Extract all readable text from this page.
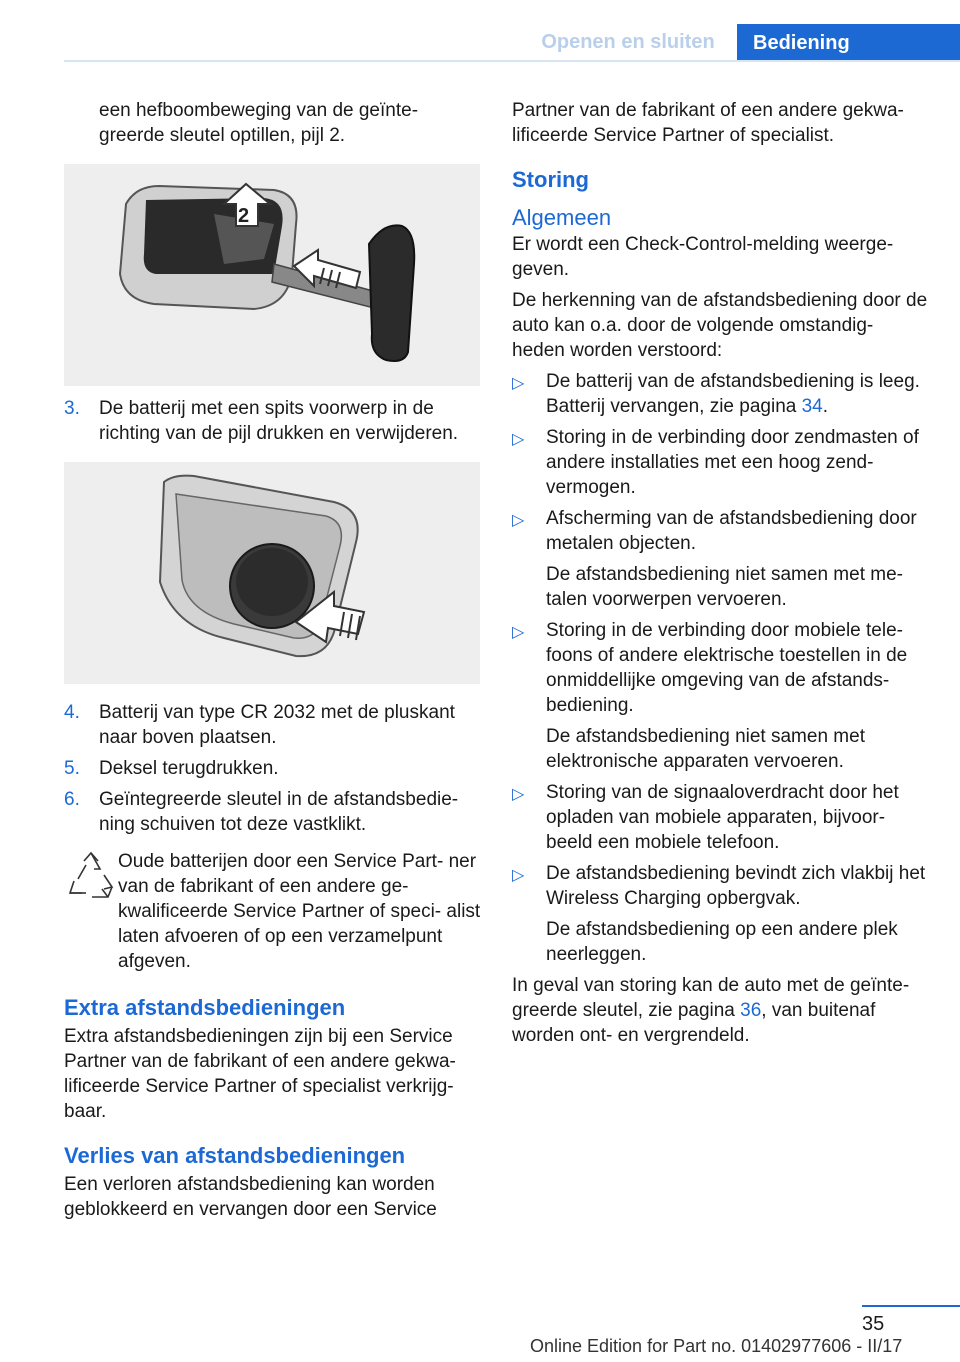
Openen en sluiten	Bediening

een hefboombeweging van de geïnte- greerde sleutel optillen, pijl 2.

2
3.	De batterij met een spits voorwerp in de richting van de pijl drukken en verwijderen.
4.	Batterij van type CR 2032 met de pluskant naar boven plaatsen.
5.	Deksel terugdrukken.
6.	Geïntegreerde sleutel in de afstandsbedie- ning schuiven tot deze vastklikt.

Oude batterijen door een Service Part- ner van de fabrikant of een andere ge- kwalificeerde Service Partner of speci- alist laten afvoeren of op een verzamelpunt afgeven.

Extra afstandsbedieningen

Extra afstandsbedieningen zijn bij een Service Partner van de fabrikant of een andere gekwa- lificeerde Service Partner of specialist verkrijg- baar.

Verlies van afstandsbedieningen

Een verloren afstandsbediening kan worden geblokkeerd en vervangen door een Service

Partner van de fabrikant of een andere gekwa- lificeerde Service Partner of specialist.

Storing
Algemeen

Er wordt een Check-Control-melding weerge- geven.

De herkenning van de afstandsbediening door de auto kan o.a. door de volgende omstandig- heden worden verstoord:

▷	De batterij van de afstandsbediening is leeg. Batterij vervangen, zie pagina 34.
▷	Storing in de verbinding door zendmasten of andere installaties met een hoog zend- vermogen.
▷	Afscherming van de afstandsbediening door metalen objecten.

De afstandsbediening niet samen met me- talen voorwerpen vervoeren.

▷	Storing in de verbinding door mobiele tele- foons of andere elektrische toestellen in de onmiddellijke omgeving van de afstands- bediening.

De afstandsbediening niet samen met elektronische apparaten vervoeren.

▷	Storing van de signaaloverdracht door het opladen van mobiele apparaten, bijvoor- beeld een mobiele telefoon.
▷	De afstandsbediening bevindt zich vlakbij het Wireless Charging opbergvak.

De afstandsbediening op een andere plek neerleggen.

In geval van storing kan de auto met de geïnte- greerde sleutel, zie pagina 36, van buitenaf worden ont- en vergrendeld.

35
Online Edition for Part no. 01402977606 - II/17
